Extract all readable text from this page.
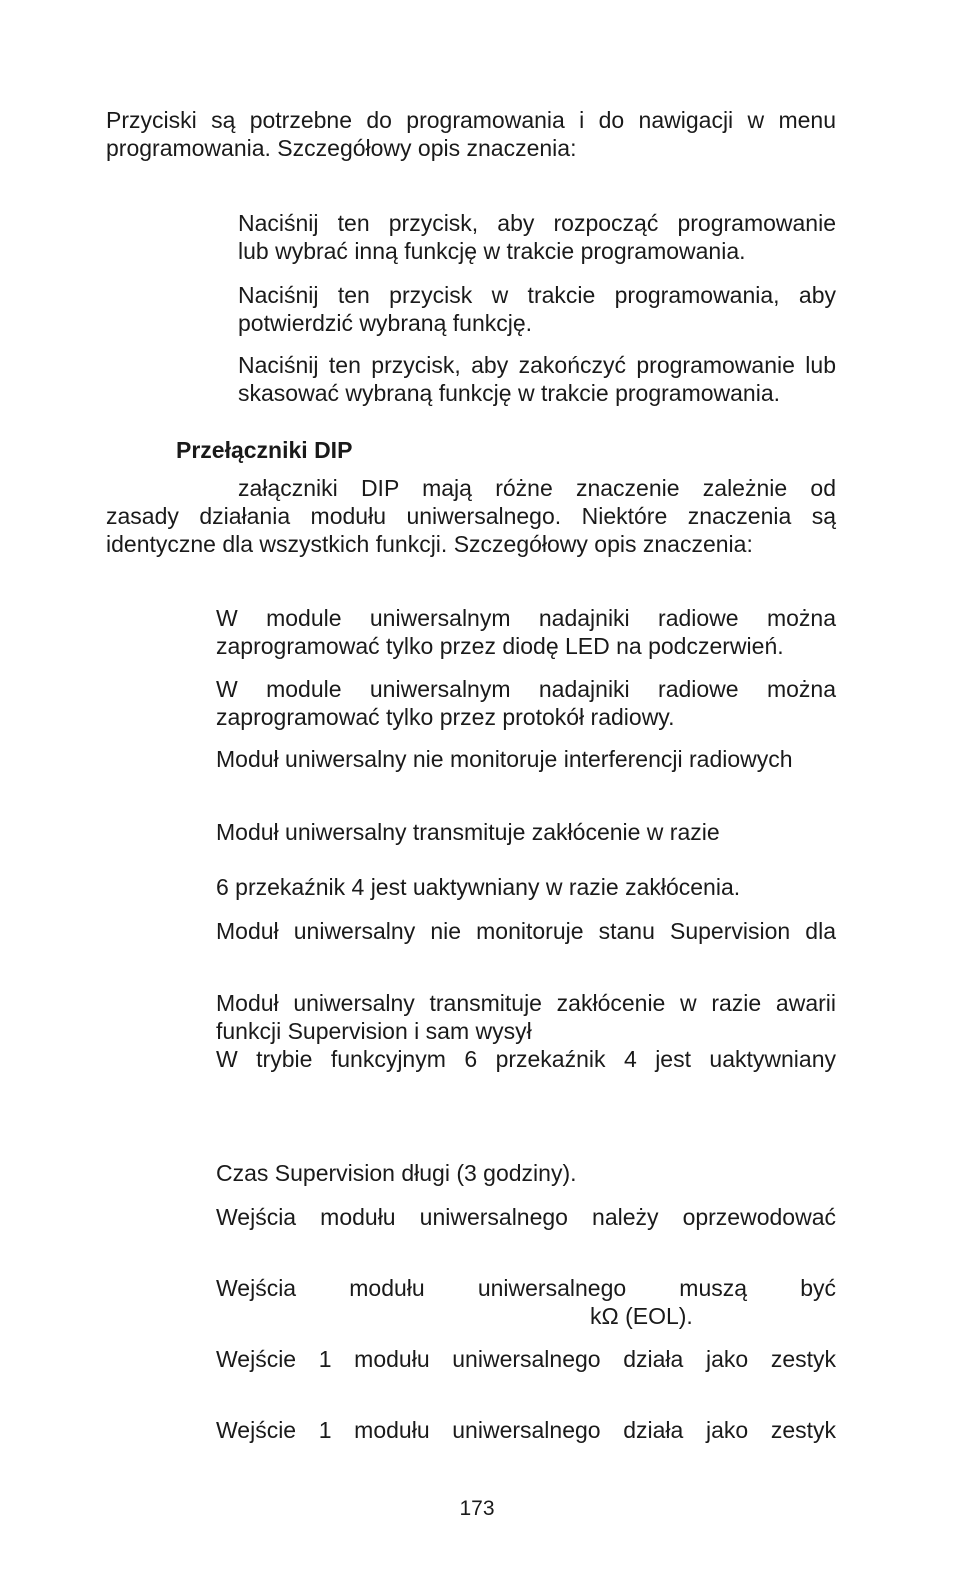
Przyciski są potrzebne do programowania i do nawigacji w menu

programowania. Szczegółowy opis znaczenia:

Naciśnij ten przycisk, aby rozpocząć programowanie

lub wybrać inną funkcję w trakcie programowania.

Naciśnij ten przycisk w trakcie programowania, aby

potwierdzić wybraną funkcję.

Naciśnij ten przycisk, aby zakończyć programowanie lub

skasować wybraną funkcję w trakcie programowania.

Przełączniki DIP

załączniki DIP mają różne znaczenie zależnie od

zasady działania modułu uniwersalnego. Niektóre znaczenia są

identyczne dla wszystkich funkcji. Szczegółowy opis znaczenia:

W module uniwersalnym nadajniki radiowe można

zaprogramować tylko przez diodę LED na podczerwień.

W module uniwersalnym nadajniki radiowe można

zaprogramować tylko przez protokół radiowy.

Moduł uniwersalny nie monitoruje interferencji radiowych

Moduł uniwersalny transmituje zakłócenie w razie

6 przekaźnik 4 jest uaktywniany w razie zakłócenia.

Moduł uniwersalny nie monitoruje stanu Supervision dla

Moduł uniwersalny transmituje zakłócenie w razie awarii

funkcji Supervision i sam wysył

W trybie funkcyjnym 6 przekaźnik 4 jest uaktywniany

Czas Supervision długi (3 godziny).

Wejścia modułu uniwersalnego należy oprzewodować

Wejścia modułu uniwersalnego muszą być

kΩ (EOL).

Wejście 1 modułu uniwersalnego działa jako zestyk

Wejście 1 modułu uniwersalnego działa jako zestyk

173
